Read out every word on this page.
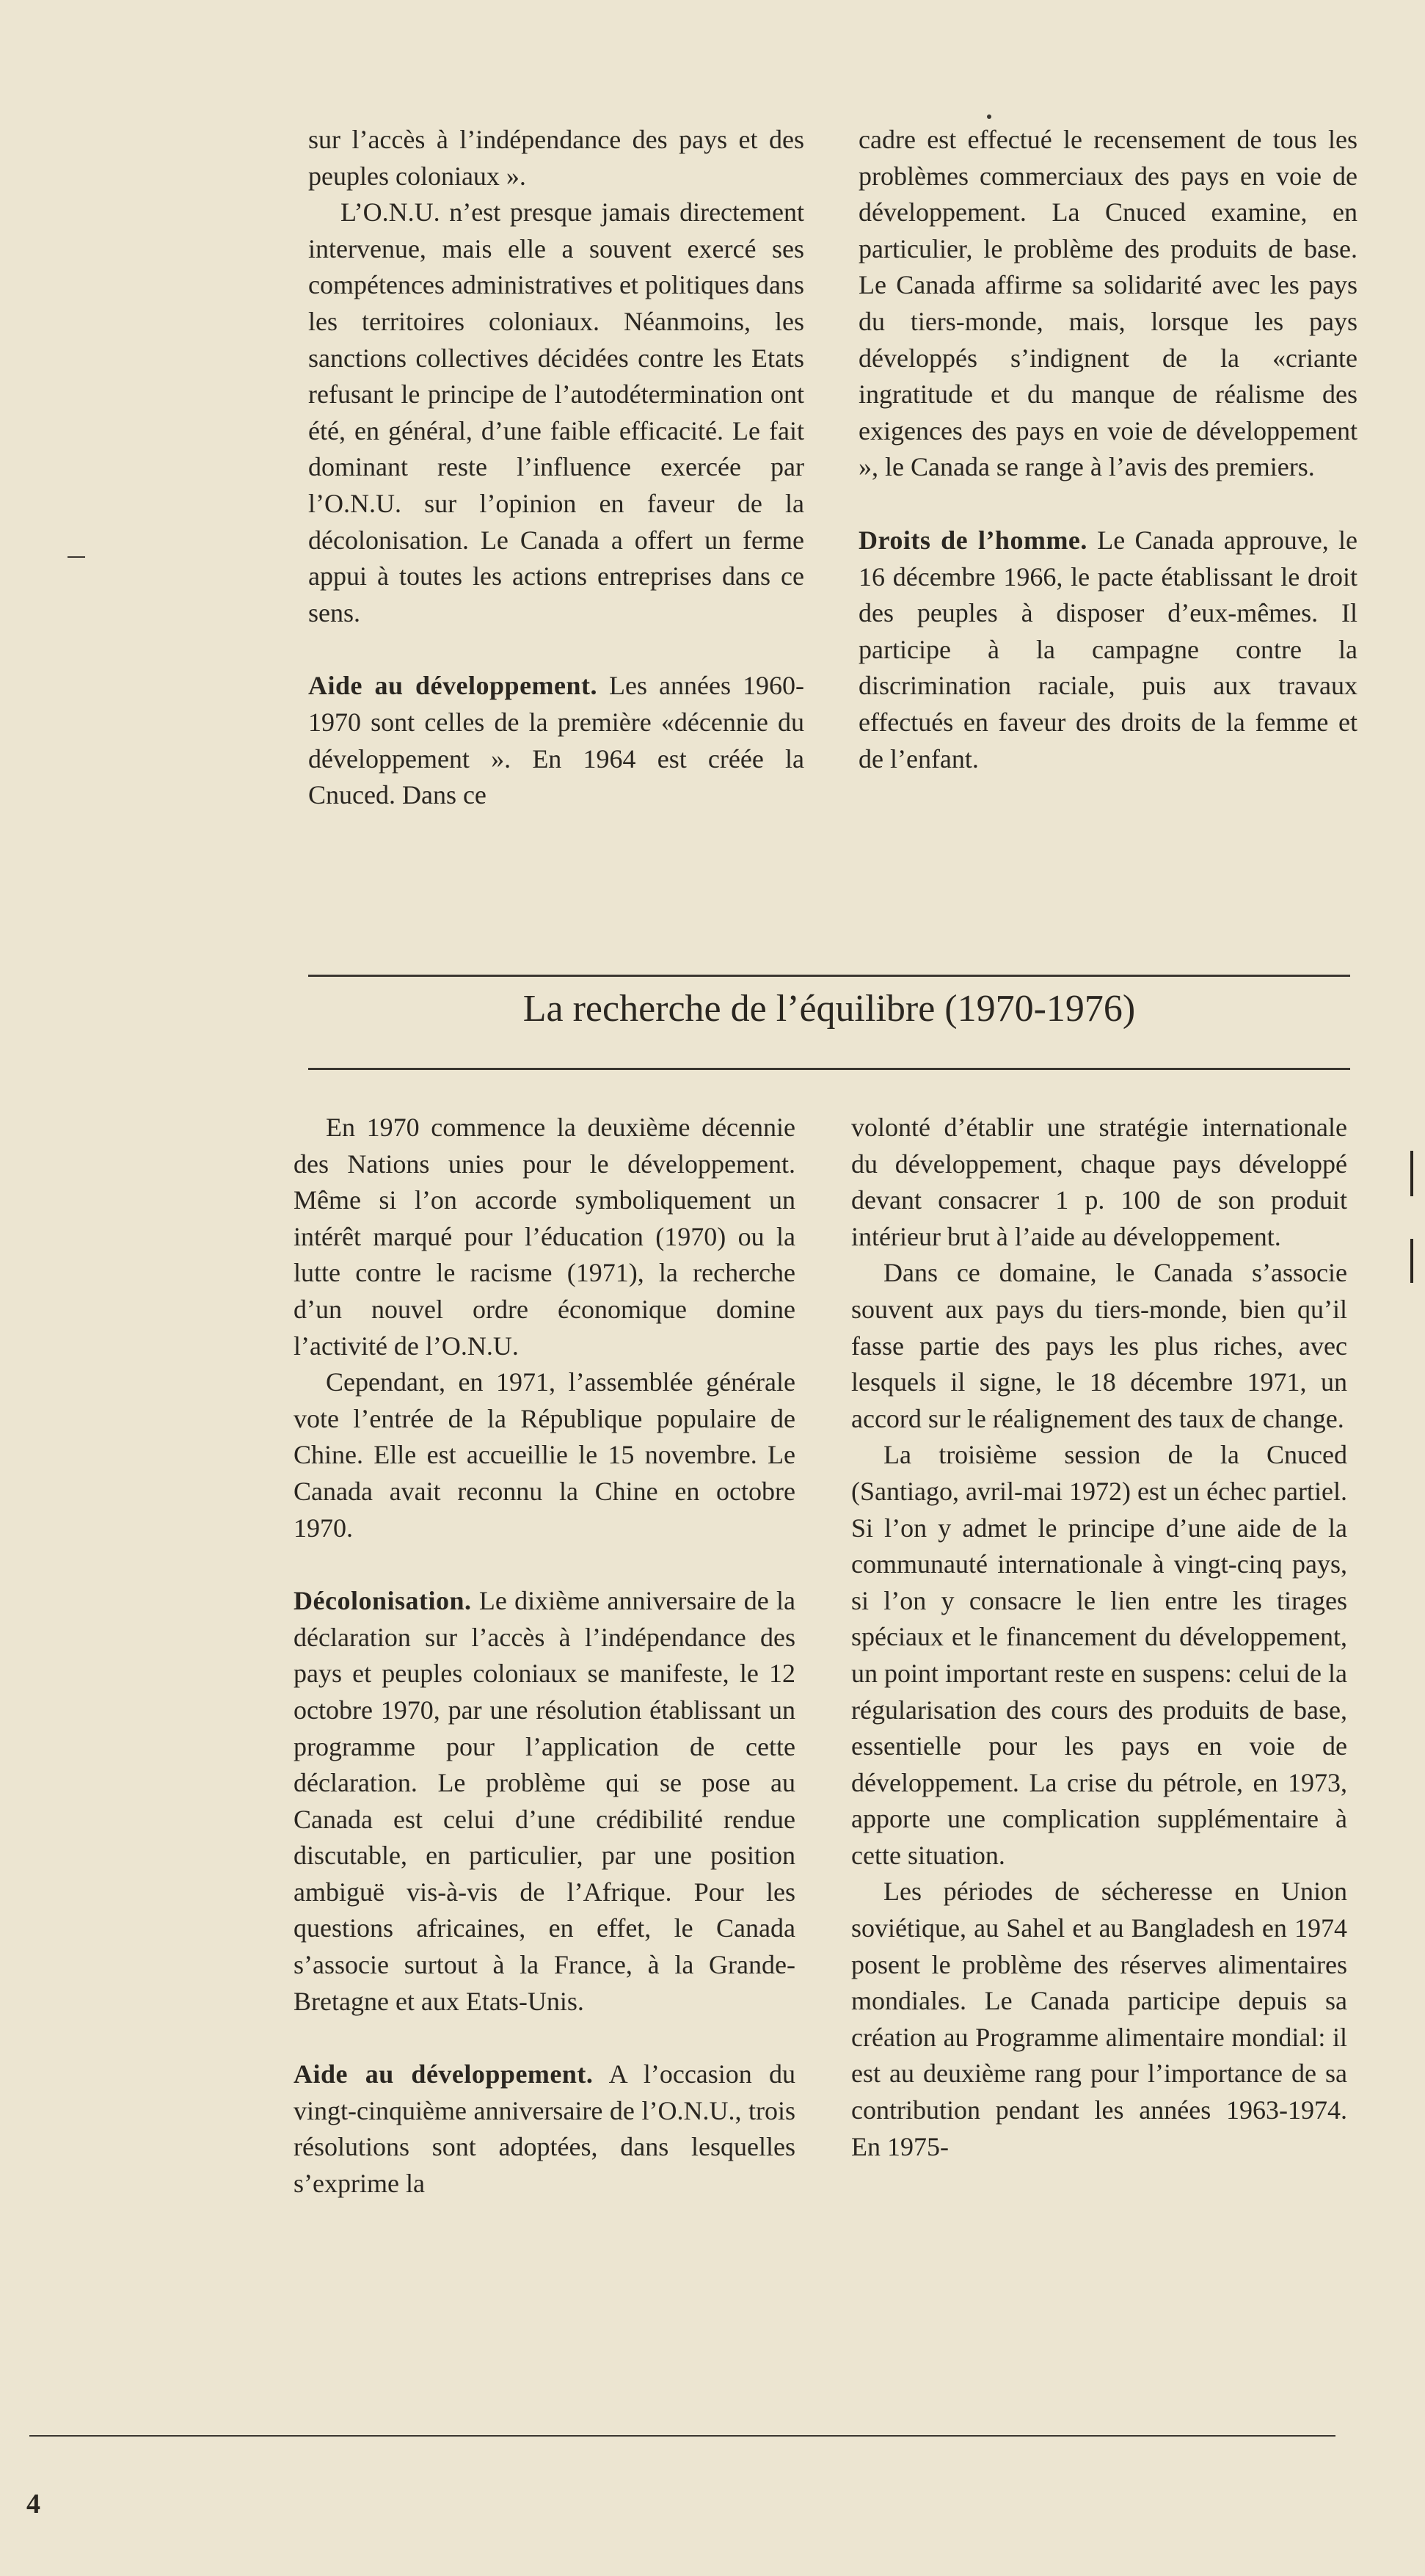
sur l’accès à l’indépendance des pays et des peuples coloniaux ».

L’O.N.U. n’est presque jamais directement intervenue, mais elle a souvent exercé ses compétences administratives et politiques dans les territoires coloniaux. Néanmoins, les sanctions collectives décidées contre les Etats refusant le principe de l’autodétermination ont été, en général, d’une faible efficacité. Le fait dominant reste l’influence exercée par l’O.N.U. sur l’opinion en faveur de la décolonisation. Le Canada a offert un ferme appui à toutes les actions entreprises dans ce sens.

Aide au développement. Les années 1960-1970 sont celles de la première «décennie du développement ». En 1964 est créée la Cnuced. Dans ce

cadre est effectué le recensement de tous les problèmes commerciaux des pays en voie de développement. La Cnuced examine, en particulier, le problème des produits de base. Le Canada affirme sa solidarité avec les pays du tiers-monde, mais, lorsque les pays développés s’indignent de la «criante ingratitude et du manque de réalisme des exigences des pays en voie de développement », le Canada se range à l’avis des premiers.

Droits de l’homme. Le Canada approuve, le 16 décembre 1966, le pacte établissant le droit des peuples à disposer d’eux-mêmes. Il participe à la campagne contre la discrimination raciale, puis aux travaux effectués en faveur des droits de la femme et de l’enfant.

La recherche de l’équilibre (1970-1976)

En 1970 commence la deuxième décennie des Nations unies pour le développement. Même si l’on accorde symboliquement un intérêt marqué pour l’éducation (1970) ou la lutte contre le racisme (1971), la recherche d’un nouvel ordre économique domine l’activité de l’O.N.U.

Cependant, en 1971, l’assemblée générale vote l’entrée de la République populaire de Chine. Elle est accueillie le 15 novembre. Le Canada avait reconnu la Chine en octobre 1970.

Décolonisation. Le dixième anniversaire de la déclaration sur l’accès à l’indépendance des pays et peuples coloniaux se manifeste, le 12 octobre 1970, par une résolution établissant un programme pour l’application de cette déclaration. Le problème qui se pose au Canada est celui d’une crédibilité rendue discutable, en particulier, par une position ambiguë vis-à-vis de l’Afrique. Pour les questions africaines, en effet, le Canada s’associe surtout à la France, à la Grande-Bretagne et aux Etats-Unis.

Aide au développement. A l’occasion du vingt-cinquième anniversaire de l’O.N.U., trois résolutions sont adoptées, dans lesquelles s’exprime la

volonté d’établir une stratégie internationale du développement, chaque pays développé devant consacrer 1 p. 100 de son produit intérieur brut à l’aide au développement.

Dans ce domaine, le Canada s’associe souvent aux pays du tiers-monde, bien qu’il fasse partie des pays les plus riches, avec lesquels il signe, le 18 décembre 1971, un accord sur le réalignement des taux de change.

La troisième session de la Cnuced (Santiago, avril-mai 1972) est un échec partiel. Si l’on y admet le principe d’une aide de la communauté internationale à vingt-cinq pays, si l’on y consacre le lien entre les tirages spéciaux et le financement du développement, un point important reste en suspens: celui de la régularisation des cours des produits de base, essentielle pour les pays en voie de développement. La crise du pétrole, en 1973, apporte une complication supplémentaire à cette situation.

Les périodes de sécheresse en Union soviétique, au Sahel et au Bangladesh en 1974 posent le problème des réserves alimentaires mondiales. Le Canada participe depuis sa création au Programme alimentaire mondial: il est au deuxième rang pour l’importance de sa contribution pendant les années 1963-1974. En 1975-

4
